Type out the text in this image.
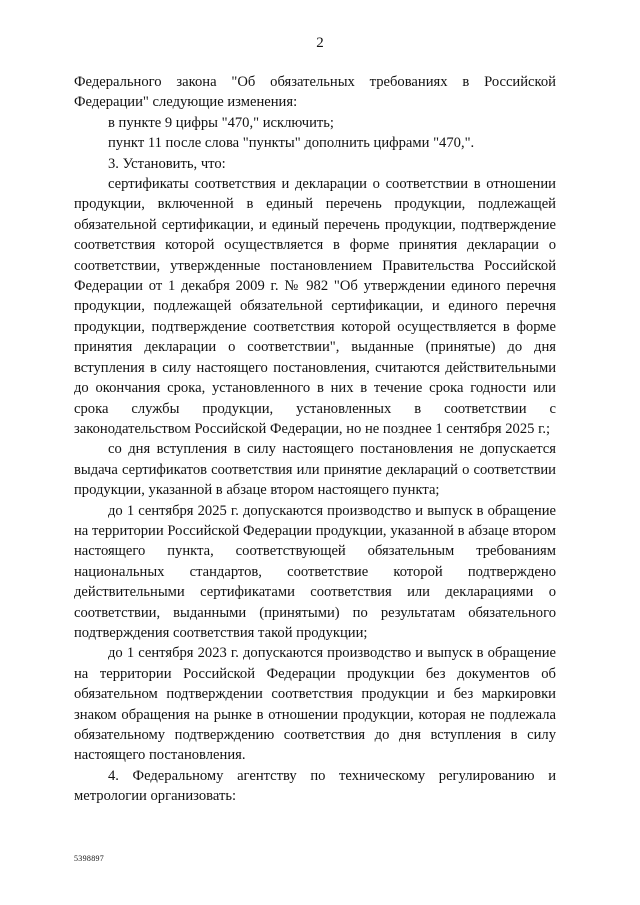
2

Федерального закона "Об обязательных требованиях в Российской Федерации" следующие изменения:

в пункте 9 цифры "470," исключить;

пункт 11 после слова "пункты" дополнить цифрами "470,".

3. Установить, что:

сертификаты соответствия и декларации о соответствии в отношении продукции, включенной в единый перечень продукции, подлежащей обязательной сертификации, и единый перечень продукции, подтверждение соответствия которой осуществляется в форме принятия декларации о соответствии, утвержденные постановлением Правительства Российской Федерации от 1 декабря 2009 г. № 982 "Об утверждении единого перечня продукции, подлежащей обязательной сертификации, и единого перечня продукции, подтверждение соответствия которой осуществляется в форме принятия декларации о соответствии", выданные (принятые) до дня вступления в силу настоящего постановления, считаются действительными до окончания срока, установленного в них в течение срока годности или срока службы продукции, установленных в соответствии с законодательством Российской Федерации, но не позднее 1 сентября 2025 г.;

со дня вступления в силу настоящего постановления не допускается выдача сертификатов соответствия или принятие деклараций о соответствии продукции, указанной в абзаце втором настоящего пункта;

до 1 сентября 2025 г. допускаются производство и выпуск в обращение на территории Российской Федерации продукции, указанной в абзаце втором настоящего пункта, соответствующей обязательным требованиям национальных стандартов, соответствие которой подтверждено действительными сертификатами соответствия или декларациями о соответствии, выданными (принятыми) по результатам обязательного подтверждения соответствия такой продукции;

до 1 сентября 2023 г. допускаются производство и выпуск в обращение на территории Российской Федерации продукции без документов об обязательном подтверждении соответствия продукции и без маркировки знаком обращения на рынке в отношении продукции, которая не подлежала обязательному подтверждению соответствия до дня вступления в силу настоящего постановления.

4. Федеральному агентству по техническому регулированию и метрологии организовать:

5398897
